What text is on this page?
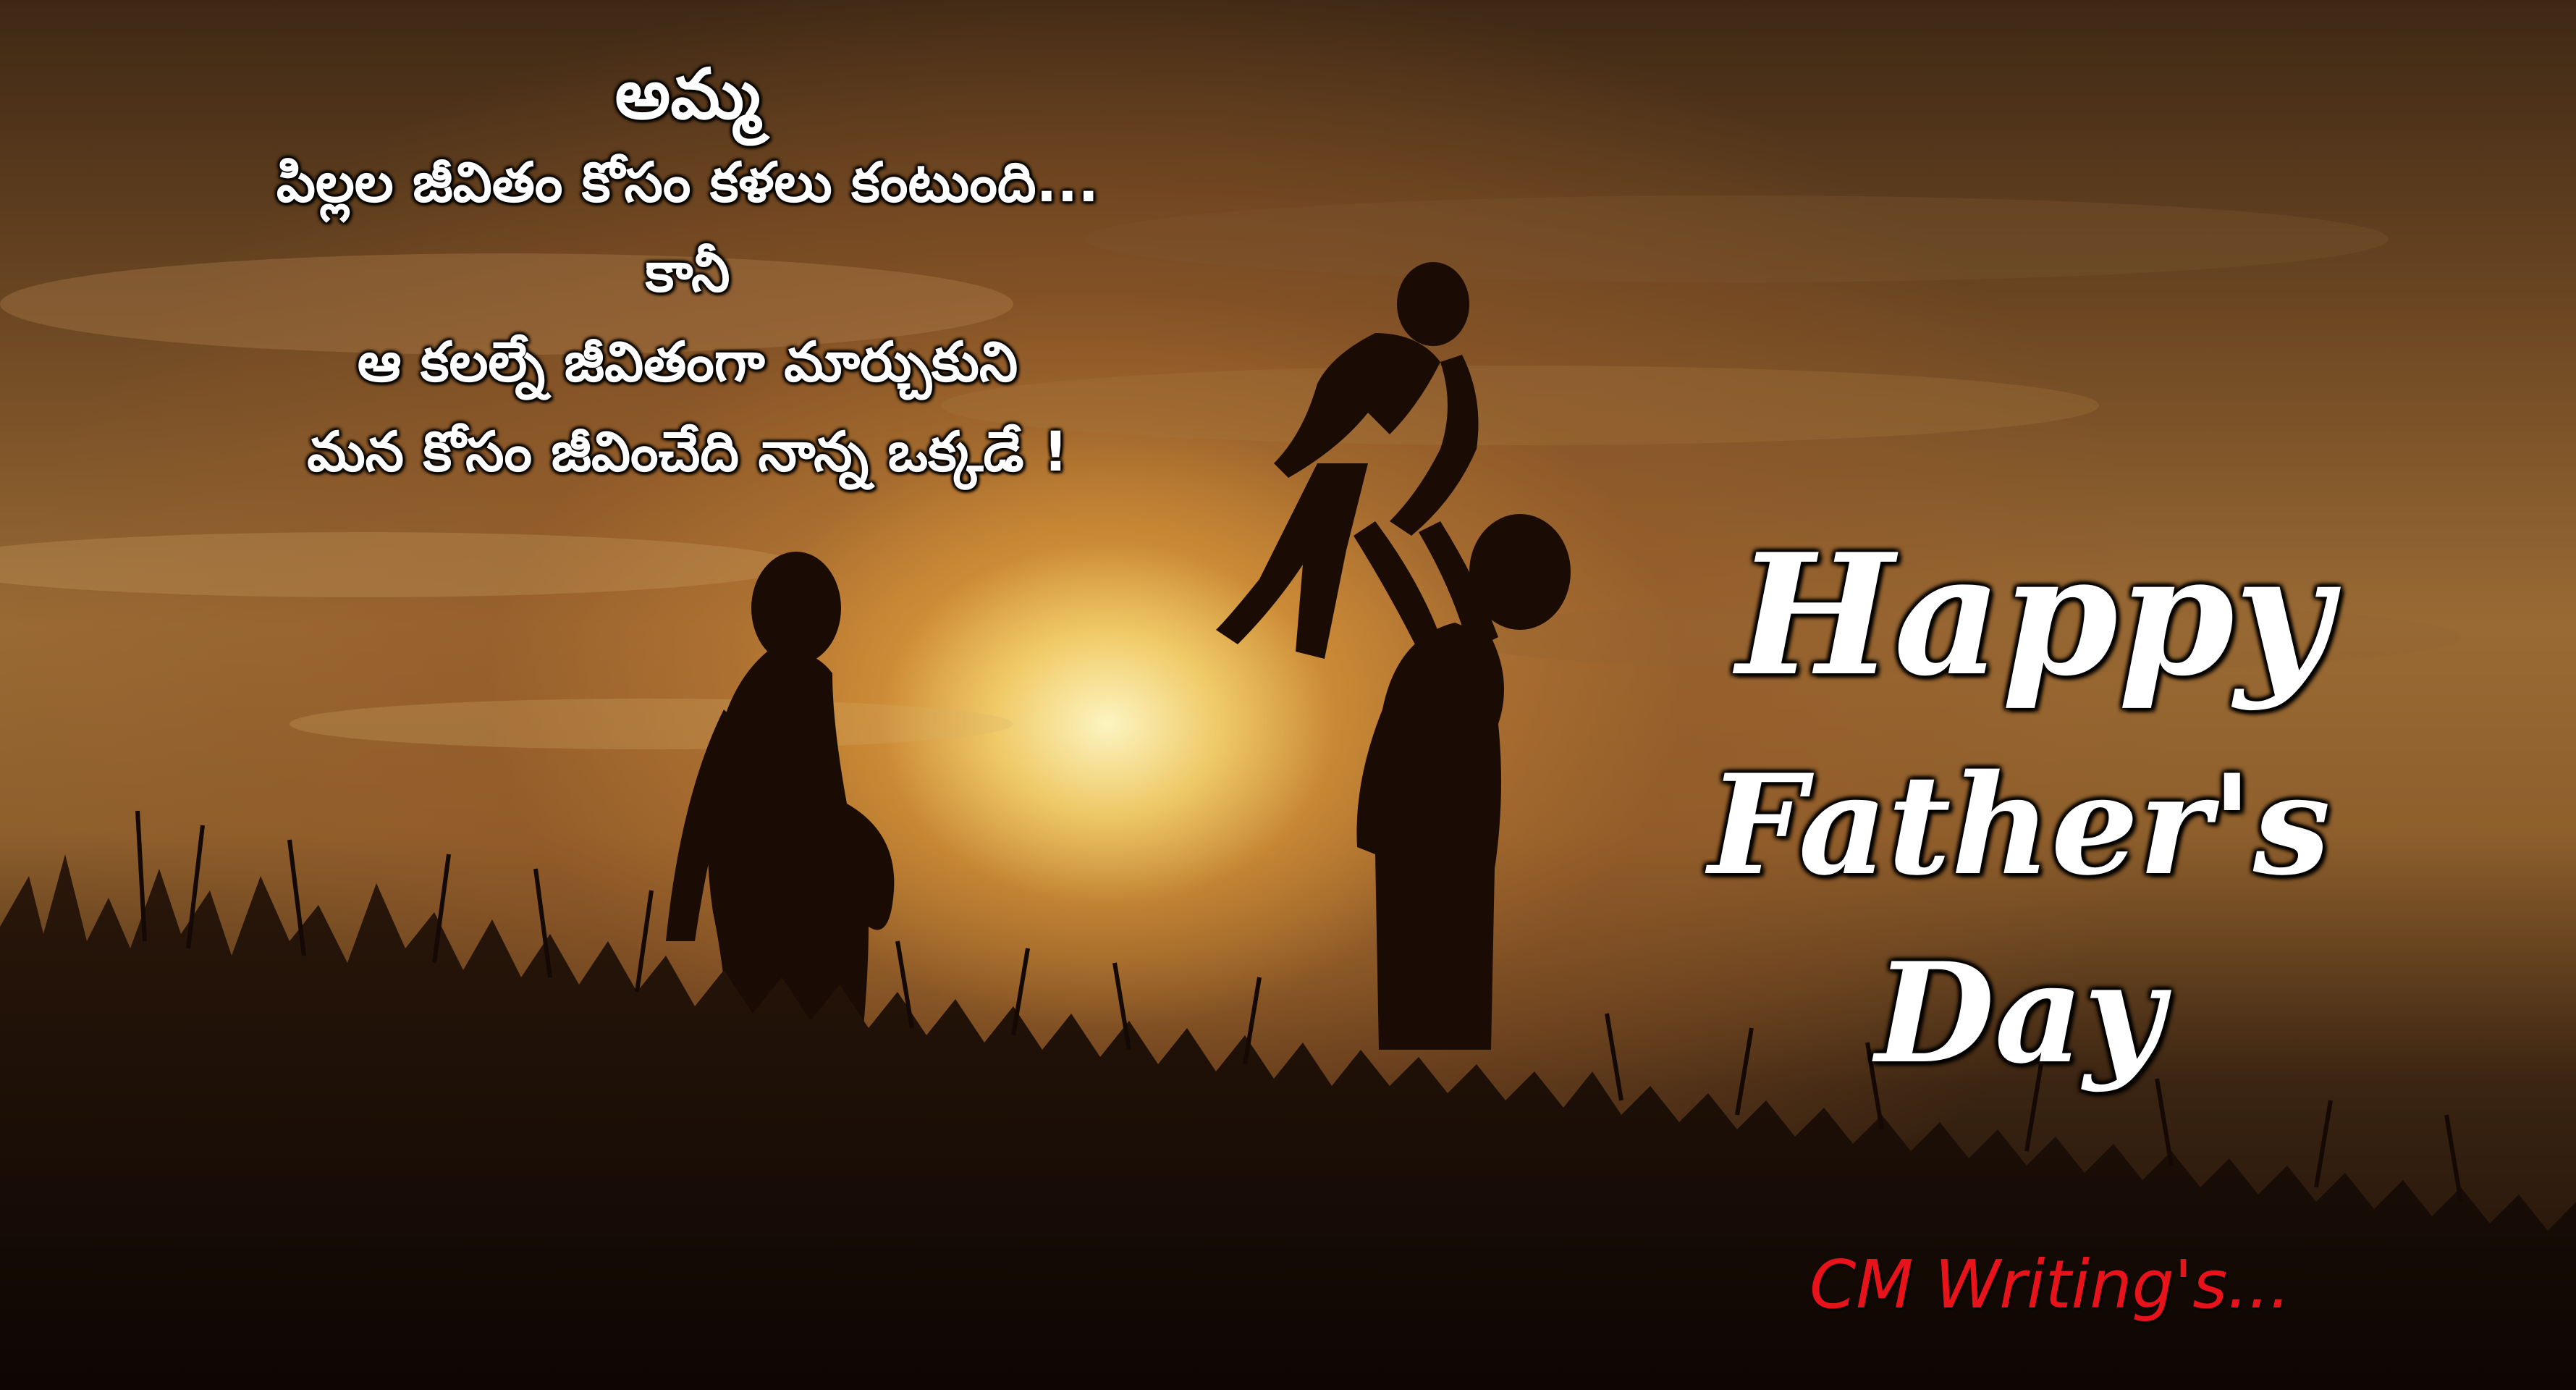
అమ్మ
పిల్లల జీవితం కోసం కళలు కంటుంది...
కానీ
ఆ కలల్నే జీవితంగా మార్చుకుని
మన కోసం జీవించేది నాన్న ఒక్కడే !
Happy
Father's Day
CM Writing's...
